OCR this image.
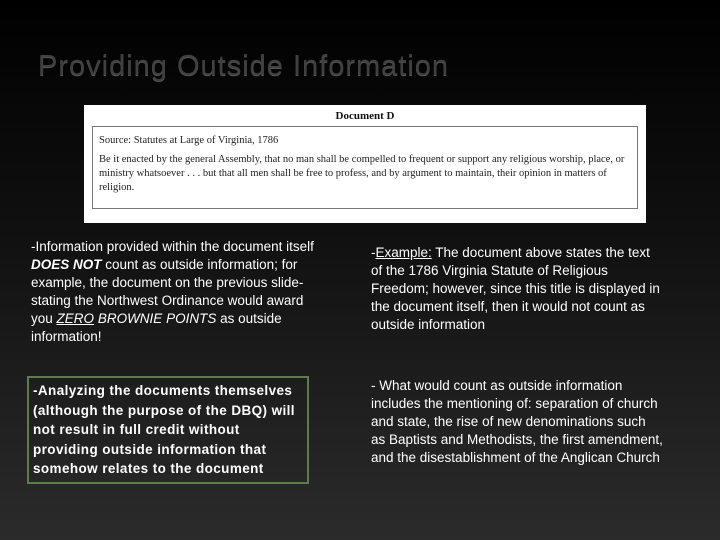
Providing Outside Information
Document D
Source: Statutes at Large of Virginia, 1786
Be it enacted by the general Assembly, that no man shall be compelled to frequent or support any religious worship, place, or ministry whatsoever . . . but that all men shall be free to profess, and by argument to maintain, their opinion in matters of religion.
-Information provided within the document itself DOES NOT count as outside information; for example, the document on the previous slide- stating the Northwest Ordinance would award you ZERO BROWNIE POINTS as outside information!
-Analyzing the documents themselves (although the purpose of the DBQ) will not result in full credit without providing outside information that somehow relates to the document
-Example: The document above states the text of the 1786 Virginia Statute of Religious Freedom; however, since this title is displayed in the document itself, then it would not count as outside information
- What would count as outside information includes the mentioning of: separation of church and state, the rise of new denominations such as Baptists and Methodists, the first amendment, and the disestablishment of the Anglican Church
